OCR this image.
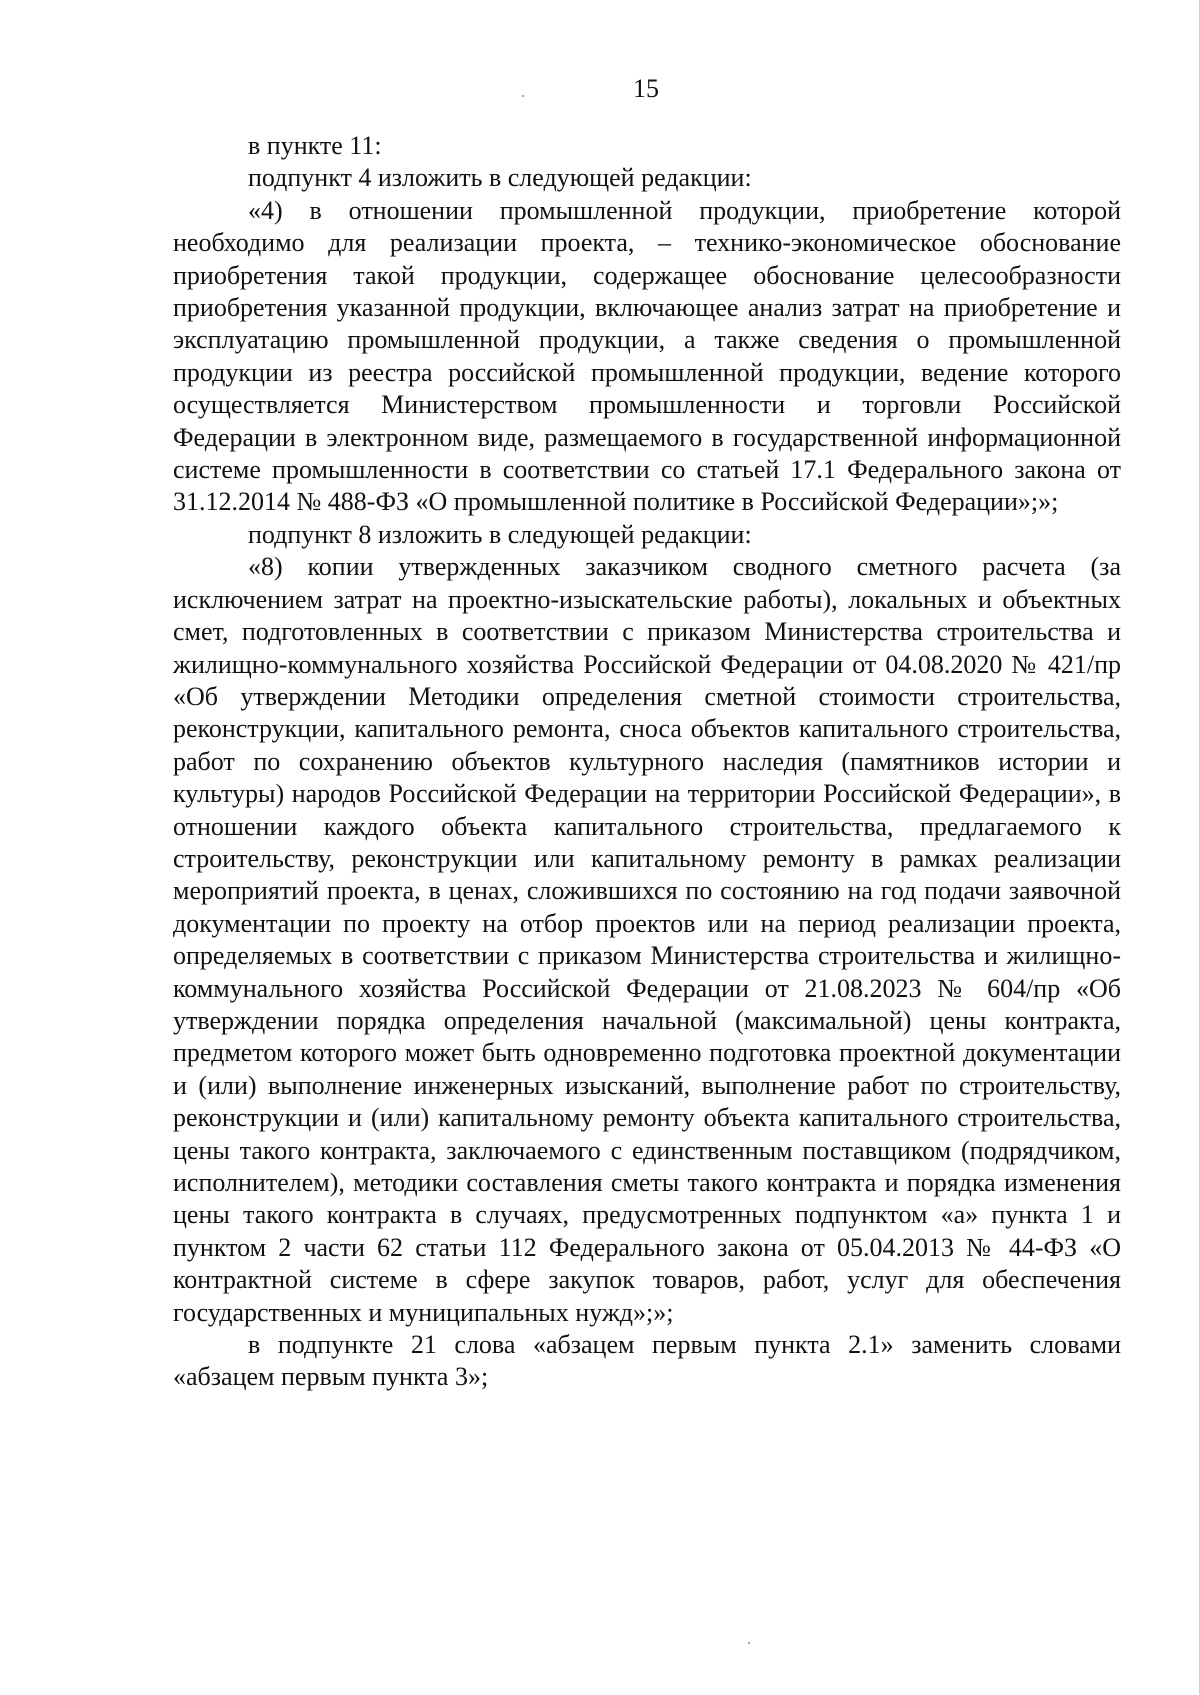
15

в пункте 11:

подпункт 4 изложить в следующей редакции:

«4) в отношении промышленной продукции, приобретение которой необходимо для реализации проекта, – технико-экономическое обоснование приобретения такой продукции, содержащее обоснование целесообразности приобретения указанной продукции, включающее анализ затрат на приобретение и эксплуатацию промышленной продукции, а также сведения о промышленной продукции из реестра российской промышленной продукции, ведение которого осуществляется Министерством промышленности и торговли Российской Федерации в электронном виде, размещаемого в государственной информационной системе промышленности в соответствии со статьей 17.1 Федерального закона от 31.12.2014 № 488-ФЗ «О промышленной политике в Российской Федерации»;»;

подпункт 8 изложить в следующей редакции:

«8) копии утвержденных заказчиком сводного сметного расчета (за исключением затрат на проектно-изыскательские работы), локальных и объектных смет, подготовленных в соответствии с приказом Министерства строительства и жилищно-коммунального хозяйства Российской Федерации от 04.08.2020 № 421/пр «Об утверждении Методики определения сметной стоимости строительства, реконструкции, капитального ремонта, сноса объектов капитального строительства, работ по сохранению объектов культурного наследия (памятников истории и культуры) народов Российской Федерации на территории Российской Федерации», в отношении каждого объекта капитального строительства, предлагаемого к строительству, реконструкции или капитальному ремонту в рамках реализации мероприятий проекта, в ценах, сложившихся по состоянию на год подачи заявочной документации по проекту на отбор проектов или на период реализации проекта, определяемых в соответствии с приказом Министерства строительства и жилищно-коммунального хозяйства Российской Федерации от 21.08.2023 № 604/пр «Об утверждении порядка определения начальной (максимальной) цены контракта, предметом которого может быть одновременно подготовка проектной документации и (или) выполнение инженерных изысканий, выполнение работ по строительству, реконструкции и (или) капитальному ремонту объекта капитального строительства, цены такого контракта, заключаемого с единственным поставщиком (подрядчиком, исполнителем), методики составления сметы такого контракта и порядка изменения цены такого контракта в случаях, предусмотренных подпунктом «а» пункта 1 и пунктом 2 части 62 статьи 112 Федерального закона от 05.04.2013 № 44-ФЗ «О контрактной системе в сфере закупок товаров, работ, услуг для обеспечения государственных и муниципальных нужд»;»;

в подпункте 21 слова «абзацем первым пункта 2.1» заменить словами «абзацем первым пункта 3»;
